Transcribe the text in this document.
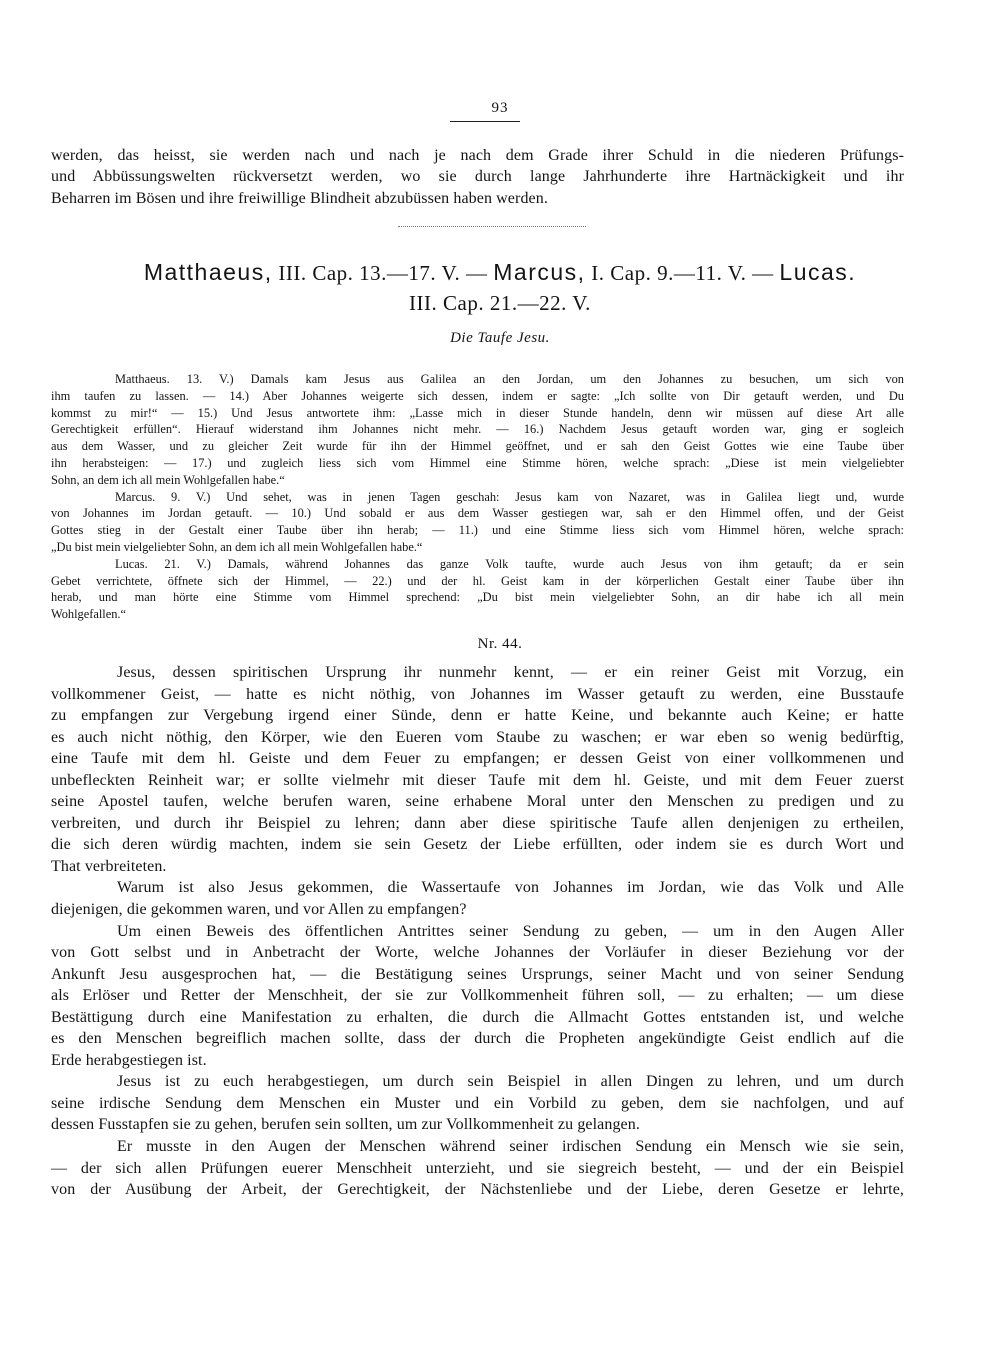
93
werden, das heisst, sie werden nach und nach je nach dem Grade ihrer Schuld in die niederen Prüfungs-
und Abbüssungswelten rückversetzt werden, wo sie durch lange Jahrhunderte ihre Hartnäckigkeit und ihr
Beharren im Bösen und ihre freiwillige Blindheit abzubüssen haben werden.
Matthaeus, III. Cap. 13.—17. V. — Marcus, I. Cap. 9.—11. V. — Lucas.
III. Cap. 21.—22. V.
Die Taufe Jesu.
Matthaeus. 13. V.) Damals kam Jesus aus Galilea an den Jordan, um den Johannes zu besuchen, um sich von
ihm taufen zu lassen. — 14.) Aber Johannes weigerte sich dessen, indem er sagte: „Ich sollte von Dir getauft werden, und Du
kommst zu mir!“ — 15.) Und Jesus antwortete ihm: „Lasse mich in dieser Stunde handeln, denn wir müssen auf diese Art alle
Gerechtigkeit erfüllen“. Hierauf widerstand ihm Johannes nicht mehr. — 16.) Nachdem Jesus getauft worden war, ging er sogleich
aus dem Wasser, und zu gleicher Zeit wurde für ihn der Himmel geöffnet, und er sah den Geist Gottes wie eine Taube über
ihn herabsteigen: — 17.) und zugleich liess sich vom Himmel eine Stimme hören, welche sprach: „Diese ist mein vielgeliebter
Sohn, an dem ich all mein Wohlgefallen habe.“
Marcus. 9. V.) Und sehet, was in jenen Tagen geschah: Jesus kam von Nazaret, was in Galilea liegt und, wurde
von Johannes im Jordan getauft. — 10.) Und sobald er aus dem Wasser gestiegen war, sah er den Himmel offen, und der Geist
Gottes stieg in der Gestalt einer Taube über ihn herab; — 11.) und eine Stimme liess sich vom Himmel hören, welche sprach:
„Du bist mein vielgeliebter Sohn, an dem ich all mein Wohlgefallen habe.“
Lucas. 21. V.) Damals, während Johannes das ganze Volk taufte, wurde auch Jesus von ihm getauft; da er sein
Gebet verrichtete, öffnete sich der Himmel, — 22.) und der hl. Geist kam in der körperlichen Gestalt einer Taube über ihn
herab, und man hörte eine Stimme vom Himmel sprechend: „Du bist mein vielgeliebter Sohn, an dir habe ich all mein
Wohlgefallen.“
Nr. 44.
Jesus, dessen spiritischen Ursprung ihr nunmehr kennt, — er ein reiner Geist mit Vorzug, ein
vollkommener Geist, — hatte es nicht nöthig, von Johannes im Wasser getauft zu werden, eine Busstaufe
zu empfangen zur Vergebung irgend einer Sünde, denn er hatte Keine, und bekannte auch Keine; er hatte
es auch nicht nöthig, den Körper, wie den Eueren vom Staube zu waschen; er war eben so wenig bedürftig,
eine Taufe mit dem hl. Geiste und dem Feuer zu empfangen; er dessen Geist von einer vollkommenen und
unbefleckten Reinheit war; er sollte vielmehr mit dieser Taufe mit dem hl. Geiste, und mit dem Feuer zuerst
seine Apostel taufen, welche berufen waren, seine erhabene Moral unter den Menschen zu predigen und zu
verbreiten, und durch ihr Beispiel zu lehren; dann aber diese spiritische Taufe allen denjenigen zu ertheilen,
die sich deren würdig machten, indem sie sein Gesetz der Liebe erfüllten, oder indem sie es durch Wort und
That verbreiteten.
Warum ist also Jesus gekommen, die Wassertaufe von Johannes im Jordan, wie das Volk und Alle
diejenigen, die gekommen waren, und vor Allen zu empfangen?
Um einen Beweis des öffentlichen Antrittes seiner Sendung zu geben, — um in den Augen Aller
von Gott selbst und in Anbetracht der Worte, welche Johannes der Vorläufer in dieser Beziehung vor der
Ankunft Jesu ausgesprochen hat, — die Bestätigung seines Ursprungs, seiner Macht und von seiner Sendung
als Erlöser und Retter der Menschheit, der sie zur Vollkommenheit führen soll, — zu erhalten; — um diese
Bestättigung durch eine Manifestation zu erhalten, die durch die Allmacht Gottes entstanden ist, und welche
es den Menschen begreiflich machen sollte, dass der durch die Propheten angekündigte Geist endlich auf die
Erde herabgestiegen ist.
Jesus ist zu euch herabgestiegen, um durch sein Beispiel in allen Dingen zu lehren, und um durch
seine irdische Sendung dem Menschen ein Muster und ein Vorbild zu geben, dem sie nachfolgen, und auf
dessen Fusstapfen sie zu gehen, berufen sein sollten, um zur Vollkommenheit zu gelangen.
Er musste in den Augen der Menschen während seiner irdischen Sendung ein Mensch wie sie sein,
— der sich allen Prüfungen euerer Menschheit unterzieht, und sie siegreich besteht, — und der ein Beispiel
von der Ausübung der Arbeit, der Gerechtigkeit, der Nächstenliebe und der Liebe, deren Gesetze er lehrte,
